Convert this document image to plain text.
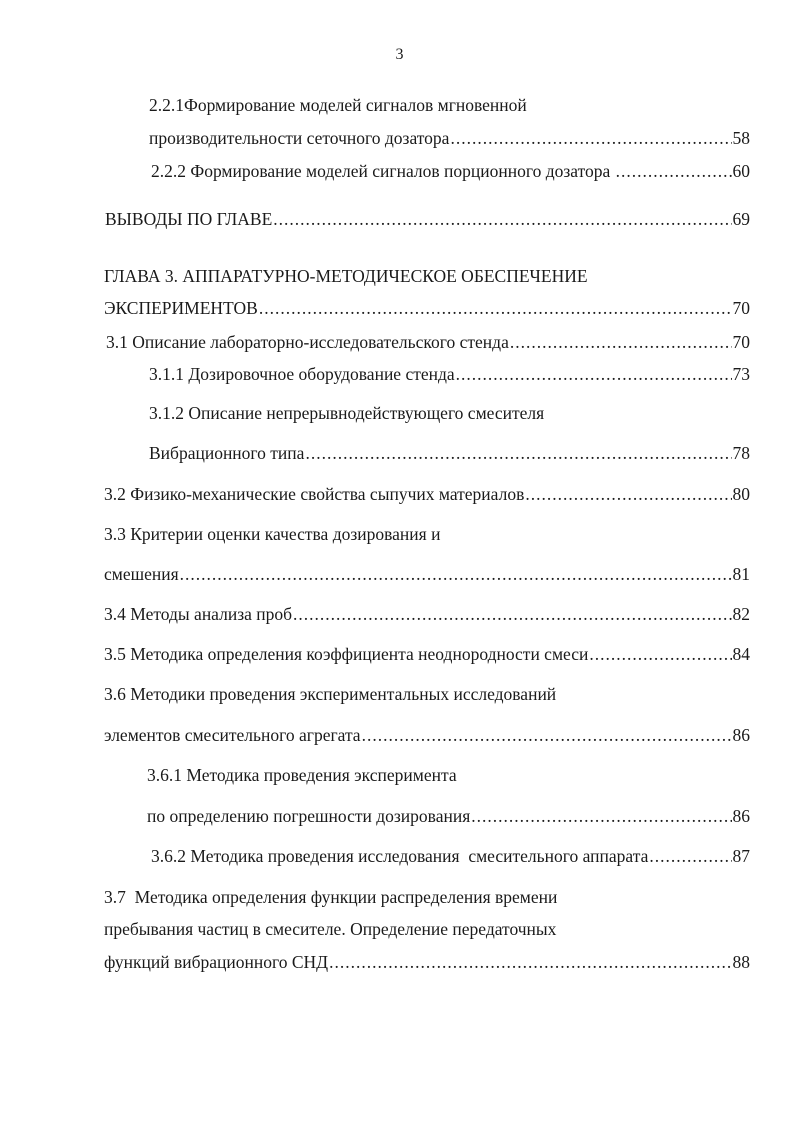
3
2.2.1Формирование моделей сигналов мгновенной
производительности сеточного дозатора .....	58
2.2.2 Формирование моделей сигналов порционного дозатора .....	60
ВЫВОДЫ ПО ГЛАВЕ .....	69
ГЛАВА 3. АППАРАТУРНО-МЕТОДИЧЕСКОЕ ОБЕСПЕЧЕНИЕ
ЭКСПЕРИМЕНТОВ .....	70
3.1 Описание лабораторно-исследовательского стенда .....	70
3.1.1 Дозировочное оборудование стенда .....	73
3.1.2 Описание непрерывнодействующего смесителя
Вибрационного типа .....	78
3.2 Физико-механические свойства сыпучих материалов .....	80
3.3 Критерии оценки качества дозирования и
смешения .....	81
3.4 Методы анализа проб .....	82
3.5 Методика определения коэффициента неоднородности смеси .....	84
3.6 Методики проведения экспериментальных исследований
элементов смесительного агрегата .....	86
3.6.1 Методика проведения эксперимента
по определению погрешности дозирования .....	86
3.6.2 Методика проведения исследования  смесительного аппарата .....	87
3.7  Методика определения функции распределения времени
пребывания частиц в смесителе. Определение передаточных
функций вибрационного СНД .....	88
